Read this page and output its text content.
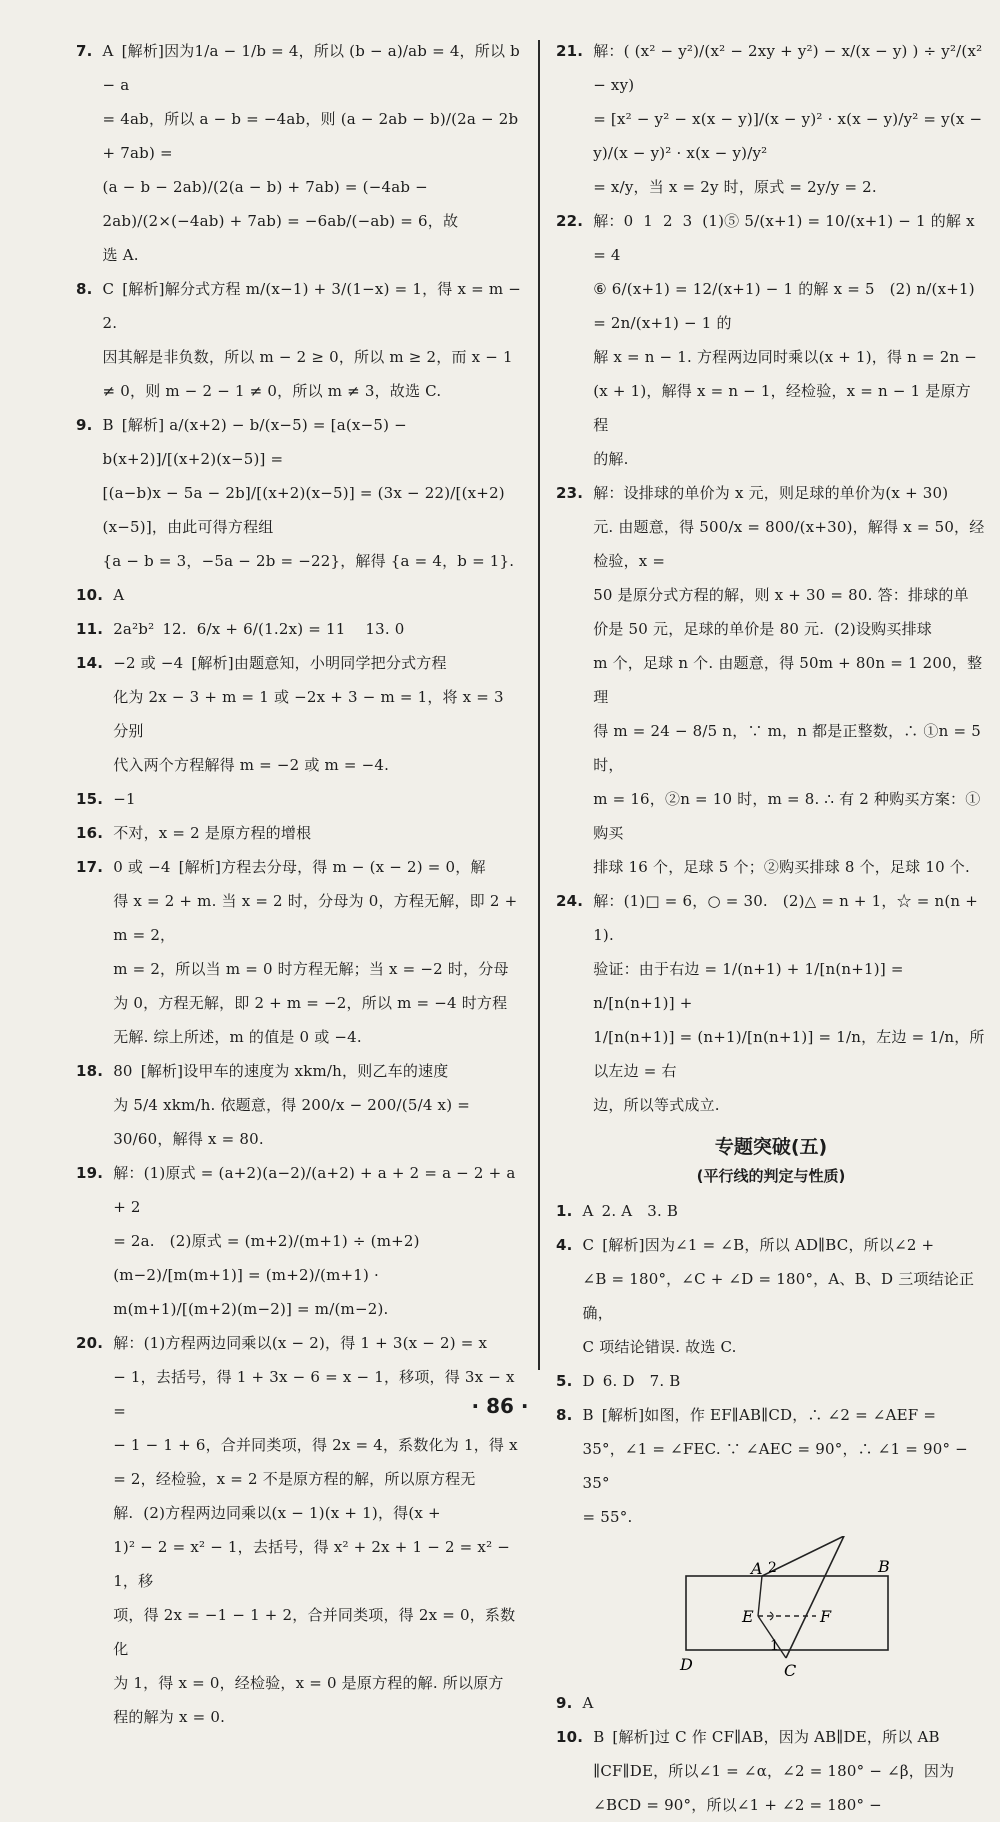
7. A [解析]因为1/a − 1/b = 4，所以 (b − a)/ab = 4，所以 b − a
= 4ab，所以 a − b = −4ab，则 (a − 2ab − b)/(2a − 2b + 7ab) =
(a − b − 2ab)/(2(a − b) + 7ab) = (−4ab − 2ab)/(2×(−4ab) + 7ab) = −6ab/(−ab) = 6，故
选 A.
8. C [解析]解分式方程 m/(x−1) + 3/(1−x) = 1，得 x = m − 2.
因其解是非负数，所以 m − 2 ≥ 0，所以 m ≥ 2，而 x − 1
≠ 0，则 m − 2 − 1 ≠ 0，所以 m ≠ 3，故选 C.
9. B [解析] a/(x+2) − b/(x−5) = [a(x−5) − b(x+2)]/[(x+2)(x−5)] =
[(a−b)x − 5a − 2b]/[(x+2)(x−5)] = (3x − 22)/[(x+2)(x−5)]，由此可得方程组
{a − b = 3，−5a − 2b = −22}，解得 {a = 4，b = 1}.
10. A
11. 2a²b² 12.  6/x + 6/(1.2x) = 11    13. 0
14. −2 或 −4 [解析]由题意知，小明同学把分式方程
化为 2x − 3 + m = 1 或 −2x + 3 − m = 1，将 x = 3 分别
代入两个方程解得 m = −2 或 m = −4.
15. −1
16. 不对，x = 2 是原方程的增根
17. 0 或 −4 [解析]方程去分母，得 m − (x − 2) = 0，解
得 x = 2 + m. 当 x = 2 时，分母为 0，方程无解，即 2 + m = 2，
m = 2，所以当 m = 0 时方程无解；当 x = −2 时，分母
为 0，方程无解，即 2 + m = −2，所以 m = −4 时方程
无解. 综上所述，m 的值是 0 或 −4.
18. 80 [解析]设甲车的速度为 xkm/h，则乙车的速度
为 5/4 xkm/h. 依题意，得 200/x − 200/(5/4 x) = 30/60，解得 x = 80.
19. 解：(1)原式 = (a+2)(a−2)/(a+2) + a + 2 = a − 2 + a + 2
= 2a.   (2)原式 = (m+2)/(m+1) ÷ (m+2)(m−2)/[m(m+1)] = (m+2)/(m+1) ·
m(m+1)/[(m+2)(m−2)] = m/(m−2).
20. 解：(1)方程两边同乘以(x − 2)，得 1 + 3(x − 2) = x
− 1，去括号，得 1 + 3x − 6 = x − 1，移项，得 3x − x =
− 1 − 1 + 6，合并同类项，得 2x = 4，系数化为 1，得 x
= 2，经检验，x = 2 不是原方程的解，所以原方程无
解.  (2)方程两边同乘以(x − 1)(x + 1)，得(x +
1)² − 2 = x² − 1，去括号，得 x² + 2x + 1 − 2 = x² − 1，移
项，得 2x = −1 − 1 + 2，合并同类项，得 2x = 0，系数化
为 1，得 x = 0，经检验，x = 0 是原方程的解. 所以原方
程的解为 x = 0.
21. 解：( (x² − y²)/(x² − 2xy + y²) − x/(x − y) ) ÷ y²/(x² − xy)
= [x² − y² − x(x − y)]/(x − y)² · x(x − y)/y² = y(x − y)/(x − y)² · x(x − y)/y²
= x/y，当 x = 2y 时，原式 = 2y/y = 2.
22. 解：0  1  2  3  (1)⑤ 5/(x+1) = 10/(x+1) − 1 的解 x = 4
⑥ 6/(x+1) = 12/(x+1) − 1 的解 x = 5   (2) n/(x+1) = 2n/(x+1) − 1 的
解 x = n − 1. 方程两边同时乘以(x + 1)，得 n = 2n −
(x + 1)，解得 x = n − 1，经检验，x = n − 1 是原方程
的解.
23. 解：设排球的单价为 x 元，则足球的单价为(x + 30)
元. 由题意，得 500/x = 800/(x+30)，解得 x = 50，经检验，x =
50 是原分式方程的解，则 x + 30 = 80. 答：排球的单
价是 50 元，足球的单价是 80 元.  (2)设购买排球
m 个，足球 n 个. 由题意，得 50m + 80n = 1 200，整理
得 m = 24 − 8/5 n，∵ m，n 都是正整数，∴ ①n = 5 时，
m = 16，②n = 10 时，m = 8. ∴ 有 2 种购买方案：①购买
排球 16 个，足球 5 个；②购买排球 8 个，足球 10 个.
24. 解：(1)□ = 6，○ = 30.   (2)△ = n + 1，☆ = n(n + 1).
验证：由于右边 = 1/(n+1) + 1/[n(n+1)] = n/[n(n+1)] +
1/[n(n+1)] = (n+1)/[n(n+1)] = 1/n，左边 = 1/n，所以左边 = 右
边，所以等式成立.
专题突破(五)
(平行线的判定与性质)
1. A 2. A   3. B
4. C [解析]因为∠1 = ∠B，所以 AD∥BC，所以∠2 +
∠B = 180°，∠C + ∠D = 180°，A、B、D 三项结论正确，
C 项结论错误. 故选 C.
5. D 6. D   7. B
8. B [解析]如图，作 EF∥AB∥CD，∴ ∠2 = ∠AEF =
35°，∠1 = ∠FEC. ∵ ∠AEC = 90°，∴ ∠1 = 90° − 35°
= 55°.
A 2	B
E	F
1
D	C
9. A
10. B [解析]过 C 作 CF∥AB，因为 AB∥DE，所以 AB
∥CF∥DE，所以∠1 = ∠α，∠2 = 180° − ∠β，因为
∠BCD = 90°，所以∠1 + ∠2 = 180° −
· 86 ·
